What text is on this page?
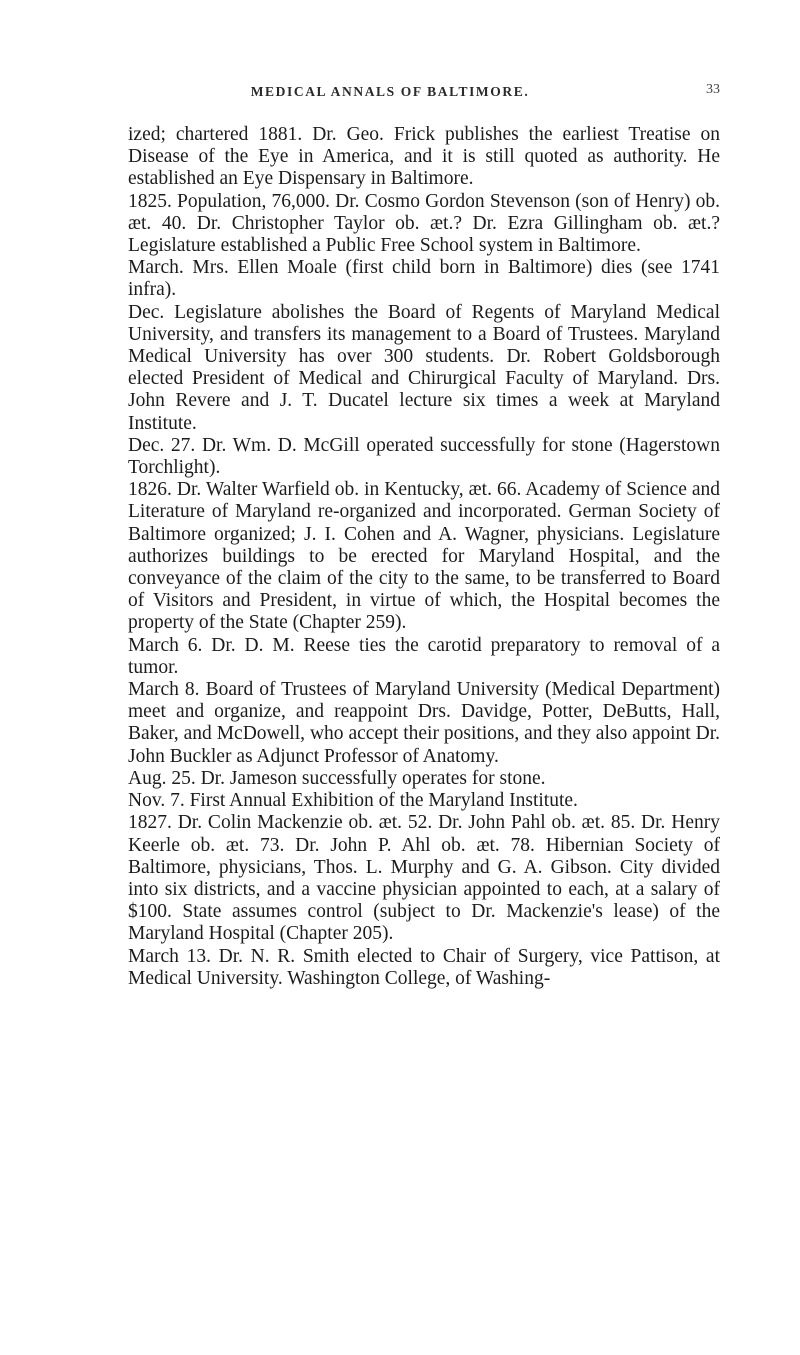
MEDICAL ANNALS OF BALTIMORE.	33

ized; chartered 1881. Dr. Geo. Frick publishes the earliest Treatise on Disease of the Eye in America, and it is still quoted as authority. He established an Eye Dispensary in Baltimore.

1825. Population, 76,000. Dr. Cosmo Gordon Stevenson (son of Henry) ob. æt. 40. Dr. Christopher Taylor ob. æt.? Dr. Ezra Gillingham ob. æt.? Legislature established a Public Free School system in Baltimore.

March. Mrs. Ellen Moale (first child born in Baltimore) dies (see 1741 infra).

Dec. Legislature abolishes the Board of Regents of Maryland Medical University, and transfers its management to a Board of Trustees. Maryland Medical University has over 300 students. Dr. Robert Goldsborough elected President of Medical and Chirurgical Faculty of Maryland. Drs. John Revere and J. T. Ducatel lecture six times a week at Maryland Institute.

Dec. 27. Dr. Wm. D. McGill operated successfully for stone (Hagerstown Torchlight).

1826. Dr. Walter Warfield ob. in Kentucky, æt. 66. Academy of Science and Literature of Maryland re-organized and incorporated. German Society of Baltimore organized; J. I. Cohen and A. Wagner, physicians. Legislature authorizes buildings to be erected for Maryland Hospital, and the conveyance of the claim of the city to the same, to be transferred to Board of Visitors and President, in virtue of which, the Hospital becomes the property of the State (Chapter 259).

March 6. Dr. D. M. Reese ties the carotid preparatory to removal of a tumor.

March 8. Board of Trustees of Maryland University (Medical Department) meet and organize, and reappoint Drs. Davidge, Potter, DeButts, Hall, Baker, and McDowell, who accept their positions, and they also appoint Dr. John Buckler as Adjunct Professor of Anatomy.

Aug. 25. Dr. Jameson successfully operates for stone.

Nov. 7. First Annual Exhibition of the Maryland Institute.

1827. Dr. Colin Mackenzie ob. æt. 52. Dr. John Pahl ob. æt. 85. Dr. Henry Keerle ob. æt. 73. Dr. John P. Ahl ob. æt. 78. Hibernian Society of Baltimore, physicians, Thos. L. Murphy and G. A. Gibson. City divided into six districts, and a vaccine physician appointed to each, at a salary of $100. State assumes control (subject to Dr. Mackenzie's lease) of the Maryland Hospital (Chapter 205).

March 13. Dr. N. R. Smith elected to Chair of Surgery, vice Pattison, at Medical University. Washington College, of Washing-
